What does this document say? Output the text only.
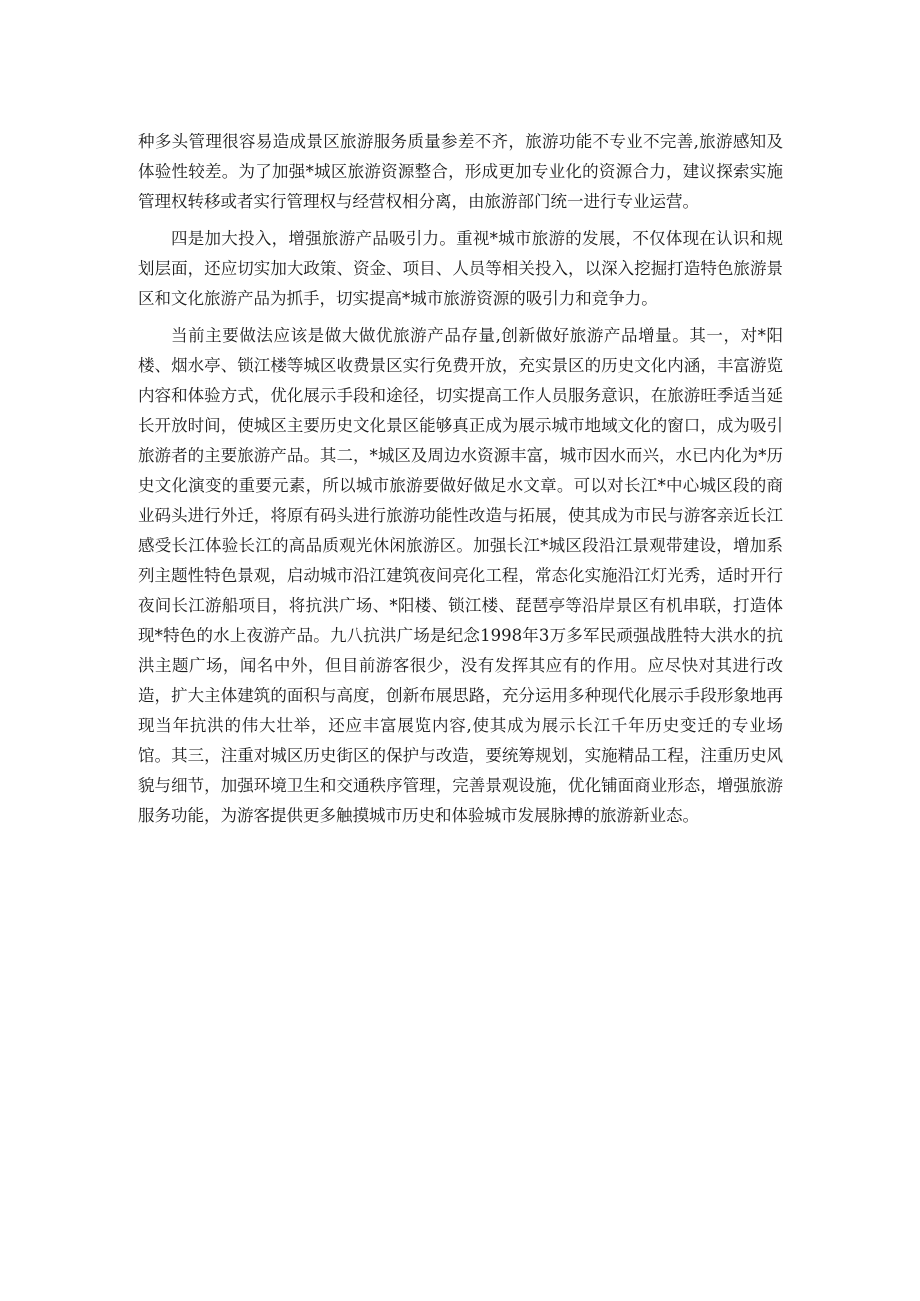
种多头管理很容易造成景区旅游服务质量参差不齐，旅游功能不专业不完善,旅游感知及体验性较差。为了加强*城区旅游资源整合，形成更加专业化的资源合力，建议探索实施管理权转移或者实行管理权与经营权相分离，由旅游部门统一进行专业运营。

四是加大投入，增强旅游产品吸引力。重视*城市旅游的发展，不仅体现在认识和规划层面，还应切实加大政策、资金、项目、人员等相关投入，以深入挖掘打造特色旅游景区和文化旅游产品为抓手，切实提高*城市旅游资源的吸引力和竞争力。

当前主要做法应该是做大做优旅游产品存量,创新做好旅游产品增量。其一，对*阳楼、烟水亭、锁江楼等城区收费景区实行免费开放，充实景区的历史文化内涵，丰富游览内容和体验方式，优化展示手段和途径，切实提高工作人员服务意识，在旅游旺季适当延长开放时间，使城区主要历史文化景区能够真正成为展示城市地域文化的窗口，成为吸引旅游者的主要旅游产品。其二，*城区及周边水资源丰富，城市因水而兴，水已内化为*历史文化演变的重要元素，所以城市旅游要做好做足水文章。可以对长江*中心城区段的商业码头进行外迁，将原有码头进行旅游功能性改造与拓展，使其成为市民与游客亲近长江感受长江体验长江的高品质观光休闲旅游区。加强长江*城区段沿江景观带建设，增加系列主题性特色景观，启动城市沿江建筑夜间亮化工程，常态化实施沿江灯光秀，适时开行夜间长江游船项目，将抗洪广场、*阳楼、锁江楼、琵琶亭等沿岸景区有机串联，打造体现*特色的水上夜游产品。九八抗洪广场是纪念1998年3万多军民顽强战胜特大洪水的抗洪主题广场，闻名中外，但目前游客很少，没有发挥其应有的作用。应尽快对其进行改造，扩大主体建筑的面积与高度，创新布展思路，充分运用多种现代化展示手段形象地再现当年抗洪的伟大壮举，还应丰富展览内容,使其成为展示长江千年历史变迁的专业场馆。其三，注重对城区历史街区的保护与改造，要统筹规划，实施精品工程，注重历史风貌与细节，加强环境卫生和交通秩序管理，完善景观设施，优化铺面商业形态，增强旅游服务功能，为游客提供更多触摸城市历史和体验城市发展脉搏的旅游新业态。
